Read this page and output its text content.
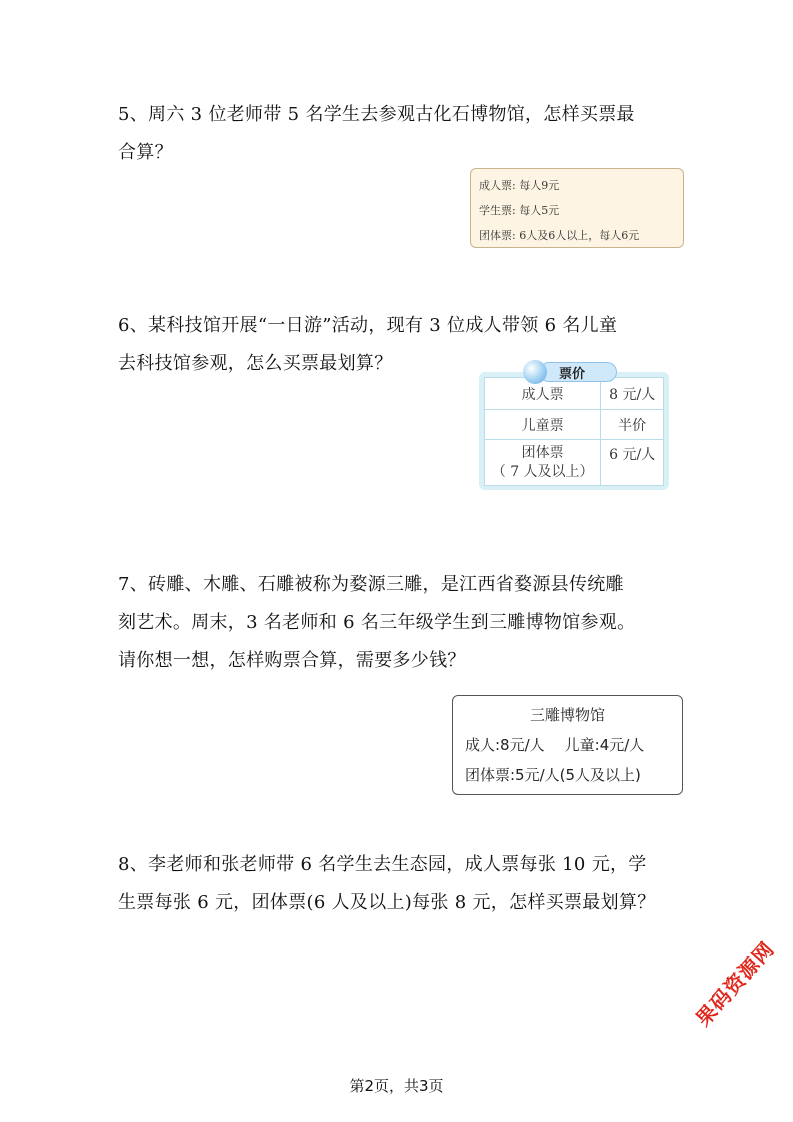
5、周六 3 位老师带 5 名学生去参观古化石博物馆，怎样买票最
合算？
成人票: 每人9元
学生票: 每人5元
团体票: 6人及6人以上，每人6元
6、某科技馆开展“一日游”活动，现有 3 位成人带领 6 名儿童
去科技馆参观，怎么买票最划算？
成人票	8 元/人
儿童票	半价

团体票
（ 7 人及以上）	6 元/人
票价
7、砖雕、木雕、石雕被称为婺源三雕，是江西省婺源县传统雕
刻艺术。周末，3 名老师和 6 名三年级学生到三雕博物馆参观。
请你想一想，怎样购票合算，需要多少钱？
三雕博物馆
成人:8元/人 儿童:4元/人
团体票:5元/人(5人及以上)
8、李老师和张老师带 6 名学生去生态园，成人票每张 10 元，学
生票每张 6 元，团体票(6 人及以上)每张 8 元，怎样买票最划算？
第2页，共3页
果码资源网
